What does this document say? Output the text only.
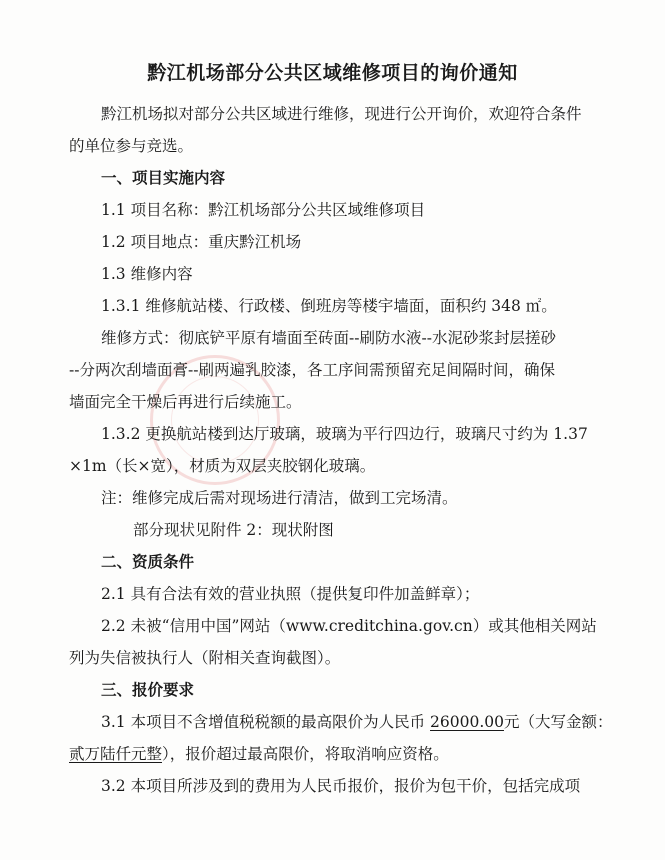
黔江机场部分公共区域维修项目的询价通知
黔江机场拟对部分公共区域进行维修，现进行公开询价，欢迎符合条件
的单位参与竞选。
一、项目实施内容
1.1 项目名称：黔江机场部分公共区域维修项目
1.2 项目地点：重庆黔江机场
1.3 维修内容
1.3.1 维修航站楼、行政楼、倒班房等楼宇墙面，面积约 348 ㎡。
维修方式：彻底铲平原有墙面至砖面--刷防水液--水泥砂浆封层搓砂
--分两次刮墙面膏--刷两遍乳胶漆，各工序间需预留充足间隔时间，确保
墙面完全干燥后再进行后续施工。
1.3.2 更换航站楼到达厅玻璃，玻璃为平行四边行，玻璃尺寸约为 1.37
×1m（长×宽），材质为双层夹胶钢化玻璃。
注：维修完成后需对现场进行清洁，做到工完场清。
部分现状见附件 2：现状附图
二、资质条件
2.1 具有合法有效的营业执照（提供复印件加盖鲜章）；
2.2 未被“信用中国”网站（www.creditchina.gov.cn）或其他相关网站
列为失信被执行人（附相关查询截图）。
三、报价要求
3.1 本项目不含增值税税额的最高限价为人民币 26000.00元（大写金额：
贰万陆仟元整），报价超过最高限价，将取消响应资格。
3.2 本项目所涉及到的费用为人民币报价，报价为包干价，包括完成项
